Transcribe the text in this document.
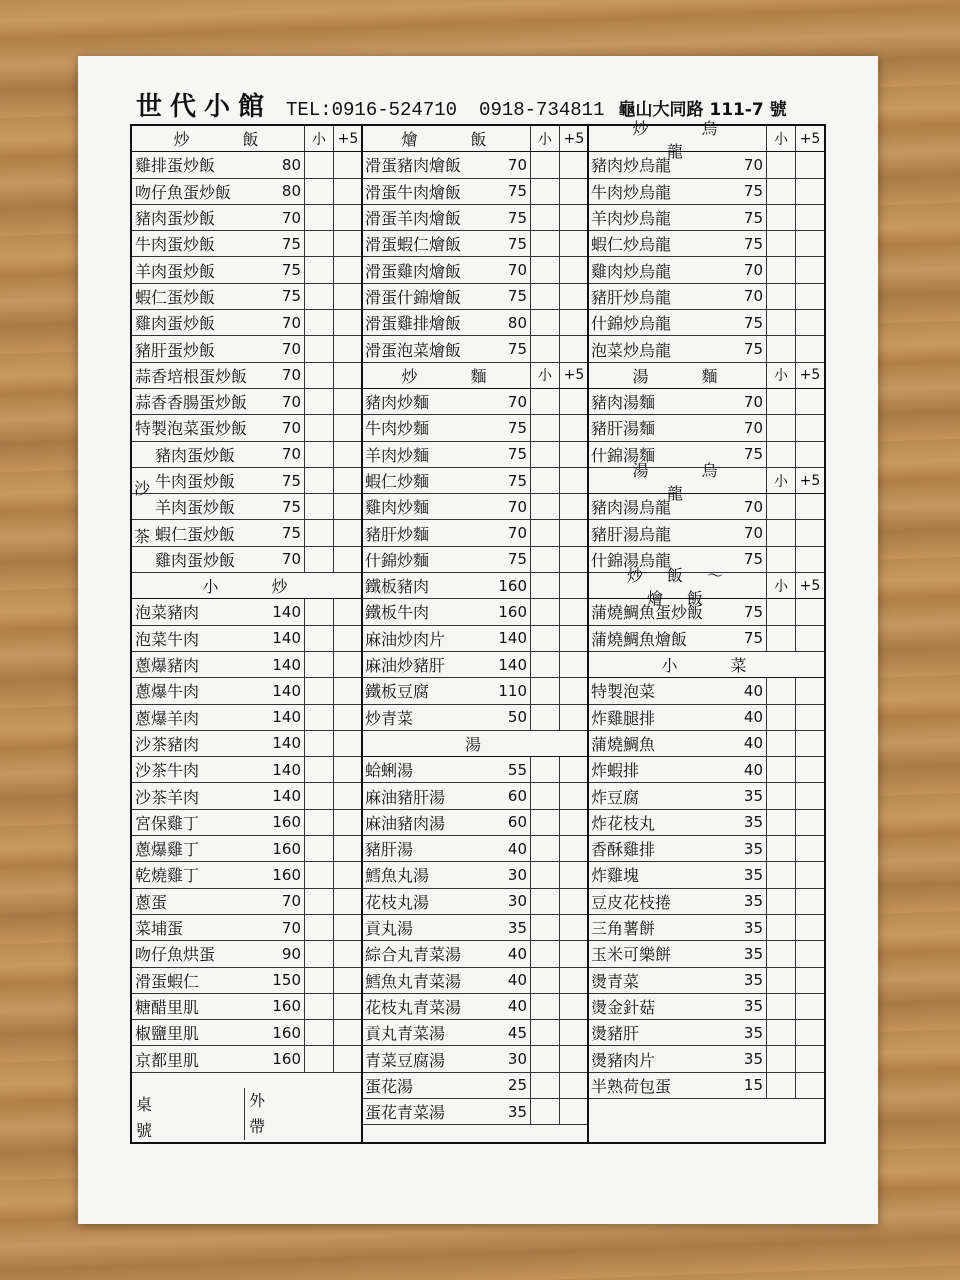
世代小館 TEL:0916-524710 0918-734811 龜山大同路 111-7 號
炒 飯	小 +5
雞排蛋炒飯	80
吻仔魚蛋炒飯	80
豬肉蛋炒飯	70
牛肉蛋炒飯	75
羊肉蛋炒飯	75
蝦仁蛋炒飯	75
雞肉蛋炒飯	70
豬肝蛋炒飯	70
蒜香培根蛋炒飯	70
蒜香香腸蛋炒飯	70
特製泡菜蛋炒飯	70
豬肉蛋炒飯	70
牛肉蛋炒飯	75
羊肉蛋炒飯	75
蝦仁蛋炒飯	75
雞肉蛋炒飯	70
小 炒
泡菜豬肉	140
泡菜牛肉	140
蔥爆豬肉	140
蔥爆牛肉	140
蔥爆羊肉	140
沙茶豬肉	140
沙茶牛肉	140
沙茶羊肉	140
宮保雞丁	160
蔥爆雞丁	160
乾燒雞丁	160
蔥蛋	70
菜埔蛋	70
吻仔魚烘蛋	90
滑蛋蝦仁	150
糖醋里肌	160
椒鹽里肌	160
京都里肌	160
燴 飯	小 +5
滑蛋豬肉燴飯	70
滑蛋牛肉燴飯	75
滑蛋羊肉燴飯	75
滑蛋蝦仁燴飯	75
滑蛋雞肉燴飯	70
滑蛋什錦燴飯	75
滑蛋雞排燴飯	80
滑蛋泡菜燴飯	75
炒 麵	小 +5
豬肉炒麵	70
牛肉炒麵	75
羊肉炒麵	75
蝦仁炒麵	75
雞肉炒麵	70
豬肝炒麵	70
什錦炒麵	75
鐵板豬肉	160
鐵板牛肉	160
麻油炒肉片	140
麻油炒豬肝	140
鐵板豆腐	110
炒青菜	50
湯
蛤蜊湯	55
麻油豬肝湯	60
麻油豬肉湯	60
豬肝湯	40
鱈魚丸湯	30
花枝丸湯	30
貢丸湯	35
綜合丸青菜湯	40
鱈魚丸青菜湯	40
花枝丸青菜湯	40
貢丸青菜湯	45
青菜豆腐湯	30
蛋花湯	25
蛋花青菜湯	35
炒 烏 龍
小 +5
豬肉炒烏龍	70
牛肉炒烏龍	75
羊肉炒烏龍	75
蝦仁炒烏龍	75
雞肉炒烏龍	70
豬肝炒烏龍	70
什錦炒烏龍	75
泡菜炒烏龍	75
湯 麵	小 +5
豬肉湯麵	70
豬肝湯麵	70
什錦湯麵	75
湯 烏 龍
小 +5
豬肉湯烏龍	70
豬肝湯烏龍	70
什錦湯烏龍	75
炒飯～燴飯
小 +5
蒲燒鯛魚蛋炒飯	75
蒲燒鯛魚燴飯	75
小 菜
特製泡菜	40
炸雞腿排	40
蒲燒鯛魚	40
炸蝦排	40
炸豆腐	35
炸花枝丸	35
香酥雞排	35
炸雞塊	35
豆皮花枝捲	35
三角薯餅	35
玉米可樂餅	35
燙青菜	35
燙金針菇	35
燙豬肝	35
燙豬肉片	35
半熟荷包蛋	15
沙
茶
桌
號
外
帶
